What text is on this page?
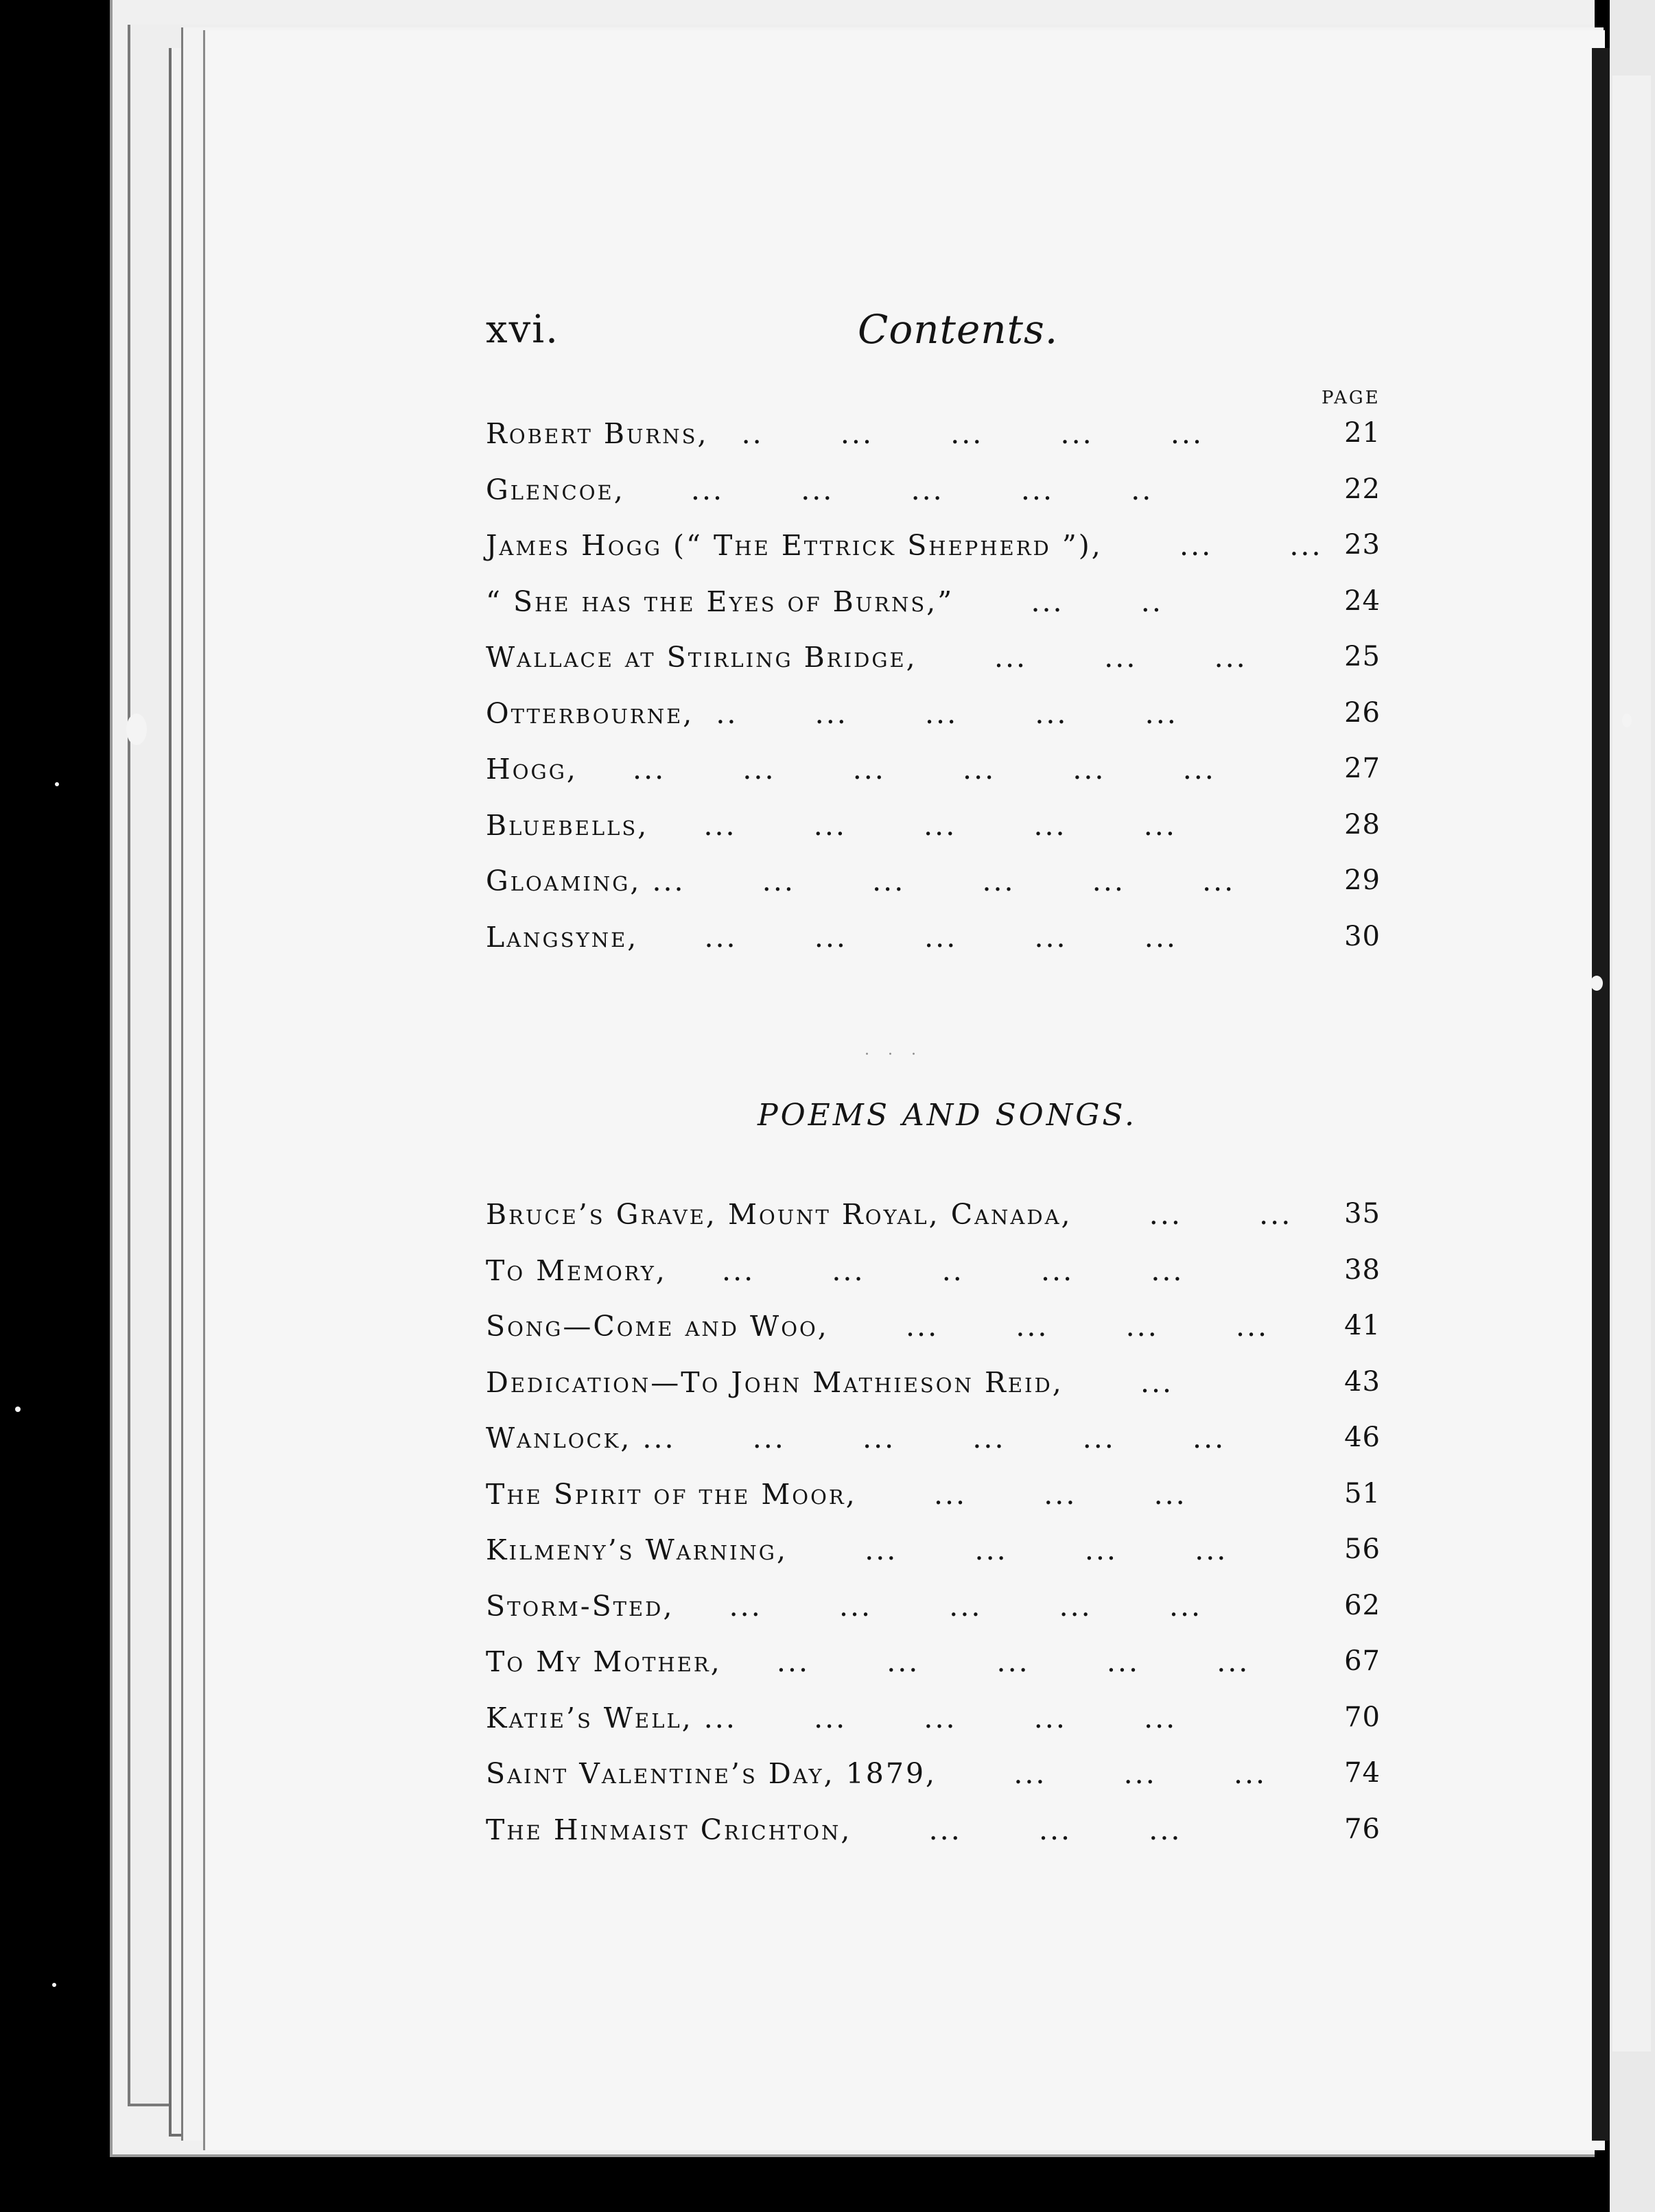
xvi.	Contents.
PAGE
Robert Burns,   ..       ...       ...       ...       ...	21
Glencoe,      ...       ...       ...       ...       ..	22
James Hogg (“ The Ettrick Shepherd ”),       ...       ... 23
“ She has the Eyes of Burns,”       ...       ..	24
Wallace at Stirling Bridge,       ...       ...       ...	25
Otterbourne,  ..       ...       ...       ...       ...	26
Hogg,     ...       ...       ...       ...       ...       ...	27
Bluebells,     ...       ...       ...       ...       ...	28
Gloaming, ...       ...       ...       ...       ...       ...	29
Langsyne,      ...       ...       ...       ...       ...	30
. . .
POEMS AND SONGS.
Bruce’s Grave, Mount Royal, Canada,       ...       ... 35
To Memory,     ...       ...       ..       ...       ...	38
Song—Come and Woo,       ...       ...       ...       ...	41
Dedication—To John Mathieson Reid,       ...	43
Wanlock, ...       ...       ...       ...       ...       ...	46
The Spirit of the Moor,       ...       ...       ...	51
Kilmeny’s Warning,       ...       ...       ...       ...	56
Storm-Sted,     ...       ...       ...       ...       ...	62
To My Mother,     ...       ...       ...       ...       ...	67
Katie’s Well, ...       ...       ...       ...       ...	70
Saint Valentine’s Day, 1879,       ...       ...       ...	74
The Hinmaist Crichton,       ...       ...       ...	76
